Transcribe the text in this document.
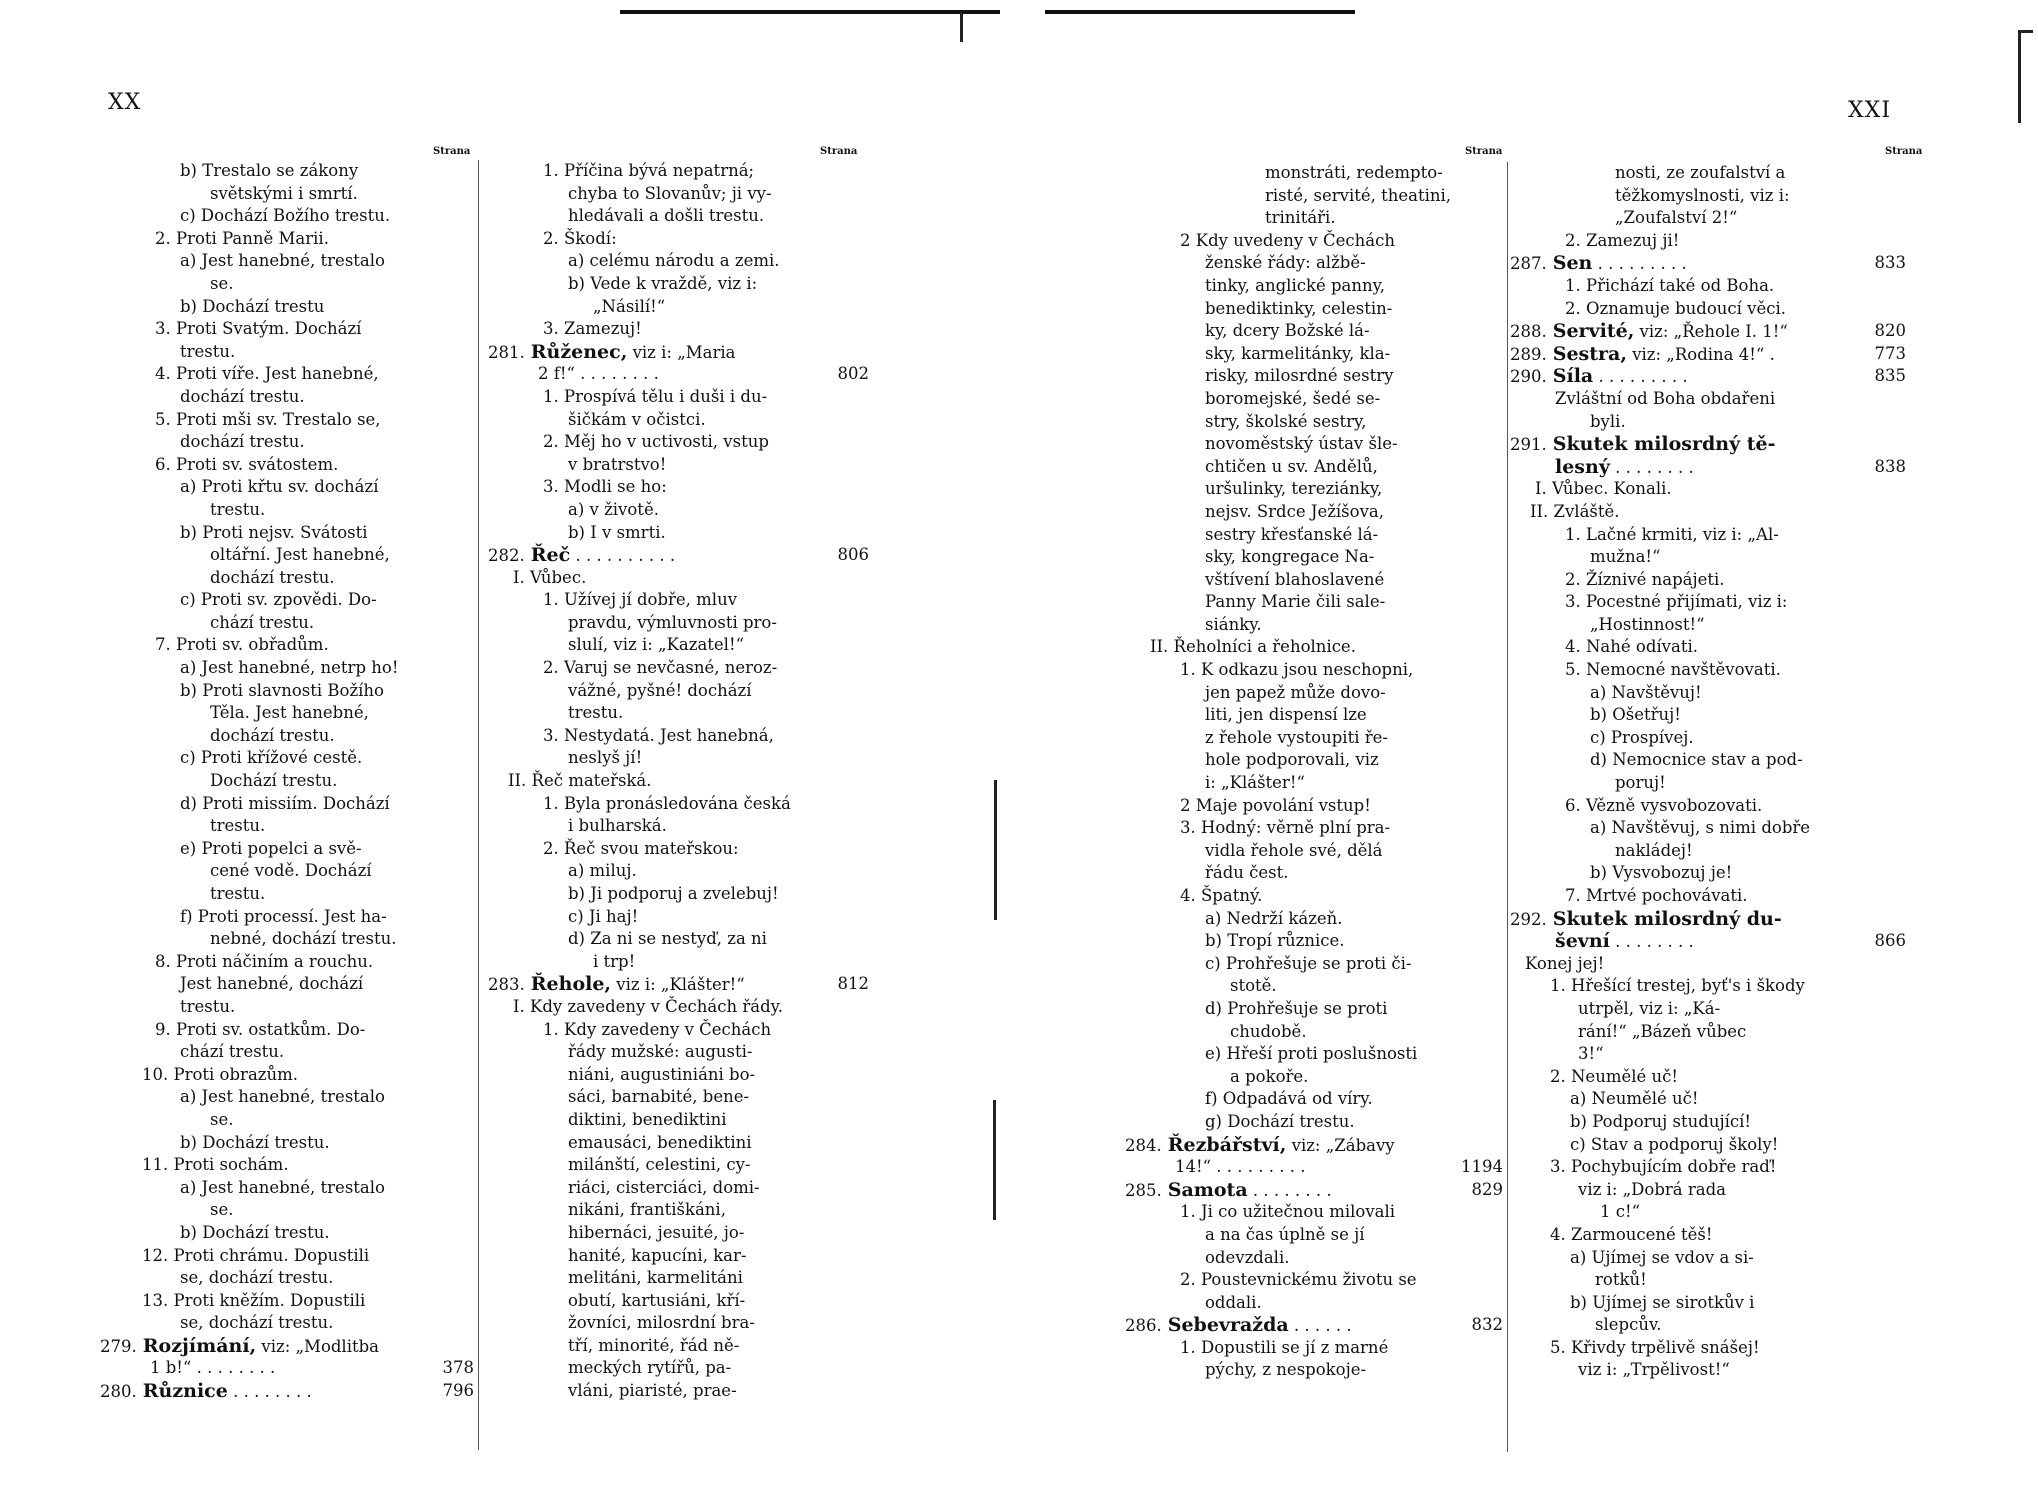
XX	XXI
Strana	Strana	Strana	Strana
b) Trestalo se zákony
světskými i smrtí.
c) Dochází Božího trestu.
2. Proti Panně Marii.
a) Jest hanebné, trestalo
se.
b) Dochází trestu
3. Proti Svatým. Dochází
trestu.
4. Proti víře. Jest hanebné,
dochází trestu.
5. Proti mši sv. Trestalo se,
dochází trestu.
6. Proti sv. svátostem.
a) Proti křtu sv. dochází
trestu.
b) Proti nejsv. Svátosti
oltářní. Jest hanebné,
dochází trestu.
c) Proti sv. zpovědi. Do-
chází trestu.
7. Proti sv. obřadům.
a) Jest hanebné, netrp ho!
b) Proti slavnosti Božího
Těla. Jest hanebné,
dochází trestu.
c) Proti křížové cestě.
Dochází trestu.
d) Proti missiím. Dochází
trestu.
e) Proti popelci a svě-
cené vodě. Dochází
trestu.
f) Proti processí. Jest ha-
nebné, dochází trestu.
8. Proti náčiním a rouchu.
Jest hanebné, dochází
trestu.
9. Proti sv. ostatkům. Do-
chází trestu.
10. Proti obrazům.
a) Jest hanebné, trestalo
se.
b) Dochází trestu.
11. Proti sochám.
a) Jest hanebné, trestalo
se.
b) Dochází trestu.
12. Proti chrámu. Dopustili
se, dochází trestu.
13. Proti kněžím. Dopustili
se, dochází trestu.
279. Rozjímání, viz: „Modlitba
1 b!“ . . . . . . . .	378
280. Různice . . . . . . . .	796
1. Příčina bývá nepatrná;
chyba to Slovanův; ji vy-
hledávali a došli trestu.
2. Škodí:
a) celému národu a zemi.
b) Vede k vraždě, viz i:
„Násilí!“
3. Zamezuj!
281. Růženec, viz i: „Maria
2 f!“ . . . . . . . .	802
1. Prospívá tělu i duši i du-
šičkám v očistci.
2. Měj ho v uctivosti, vstup
v bratrstvo!
3. Modli se ho:
a) v životě.
b) I v smrti.
282. Řeč . . . . . . . . . .	806
I. Vůbec.
1. Užívej jí dobře, mluv
pravdu, výmluvnosti pro-
slulí, viz i: „Kazatel!“
2. Varuj se nevčasné, neroz-
vážné, pyšné! dochází
trestu.
3. Nestydatá. Jest hanebná,
neslyš jí!
II. Řeč mateřská.
1. Byla pronásledována česká
i bulharská.
2. Řeč svou mateřskou:
a) miluj.
b) Ji podporuj a zvelebuj!
c) Ji haj!
d) Za ni se nestyď, za ni
i trp!
283. Řehole, viz i: „Klášter!“	812
I. Kdy zavedeny v Čechách řády.
1. Kdy zavedeny v Čechách
řády mužské: augusti-
niáni, augustiniáni bo-
sáci, barnabité, bene-
diktini, benediktini
emausáci, benediktini
milánští, celestini, cy-
riáci, cisterciáci, domi-
nikáni, františkáni,
hibernáci, jesuité, jo-
hanité, kapucíni, kar-
melitáni, karmelitáni
obutí, kartusiáni, kří-
žovníci, milosrdní bra-
tří, minorité, řád ně-
meckých rytířů, pa-
vláni, piaristé, prae-
monstráti, redempto-
risté, servité, theatini,
trinitáři.
2 Kdy uvedeny v Čechách
ženské řády: alžbě-
tinky, anglické panny,
benediktinky, celestin-
ky, dcery Božské lá-
sky, karmelitánky, kla-
risky, milosrdné sestry
boromejské, šedé se-
stry, školské sestry,
novoměstský ústav šle-
chtičen u sv. Andělů,
uršulinky, tereziánky,
nejsv. Srdce Ježíšova,
sestry křesťanské lá-
sky, kongregace Na-
vštívení blahoslavené
Panny Marie čili sale-
siánky.
II. Řeholníci a řeholnice.
1. K odkazu jsou neschopni,
jen papež může dovo-
liti, jen dispensí lze
z řehole vystoupiti ře-
hole podporovali, viz
i: „Klášter!“
2 Maje povolání vstup!
3. Hodný: věrně plní pra-
vidla řehole své, dělá
řádu čest.
4. Špatný.
a) Nedrží kázeň.
b) Tropí různice.
c) Prohřešuje se proti či-
stotě.
d) Prohřešuje se proti
chudobě.
e) Hřeší proti poslušnosti
a pokoře.
f) Odpadává od víry.
g) Dochází trestu.
284. Řezbářství, viz: „Zábavy
14!“ . . . . . . . . .	1194
285. Samota . . . . . . . .	829
1. Ji co užitečnou milovali
a na čas úplně se jí
odevzdali.
2. Poustevnickému životu se
oddali.
286. Sebevražda . . . . . .	832
1. Dopustili se jí z marné
pýchy, z nespokoje-
nosti, ze zoufalství a
těžkomyslnosti, viz i:
„Zoufalství 2!“
2. Zamezuj ji!
287. Sen . . . . . . . . .	833
1. Přichází také od Boha.
2. Oznamuje budoucí věci.
288. Servité, viz: „Řehole I. 1!“	820
289. Sestra, viz: „Rodina 4!“ .	773
290. Síla . . . . . . . . .	835
Zvláštní od Boha obdařeni
byli.
291. Skutek milosrdný tě-
lesný . . . . . . . .	838
I. Vůbec. Konali.
II. Zvláště.
1. Lačné krmiti, viz i: „Al-
mužna!“
2. Žíznivé napájeti.
3. Pocestné přijímati, viz i:
„Hostinnost!“
4. Nahé odívati.
5. Nemocné navštěvovati.
a) Navštěvuj!
b) Ošetřuj!
c) Prospívej.
d) Nemocnice stav a pod-
poruj!
6. Vězně vysvobozovati.
a) Navštěvuj, s nimi dobře
nakládej!
b) Vysvobozuj je!
7. Mrtvé pochovávati.
292. Skutek milosrdný du-
ševní . . . . . . . .	866
Konej jej!
1. Hřešící trestej, byť's i škody
utrpěl, viz i: „Ká-
rání!“ „Bázeň vůbec
3!“
2. Neumělé uč!
a) Neumělé uč!
b) Podporuj studující!
c) Stav a podporuj školy!
3. Pochybujícím dobře raď!
viz i: „Dobrá rada
1 c!“
4. Zarmoucené těš!
a) Ujímej se vdov a si-
rotků!
b) Ujímej se sirotkův i
slepcův.
5. Křivdy trpělivě snášej!
viz i: „Trpělivost!“
